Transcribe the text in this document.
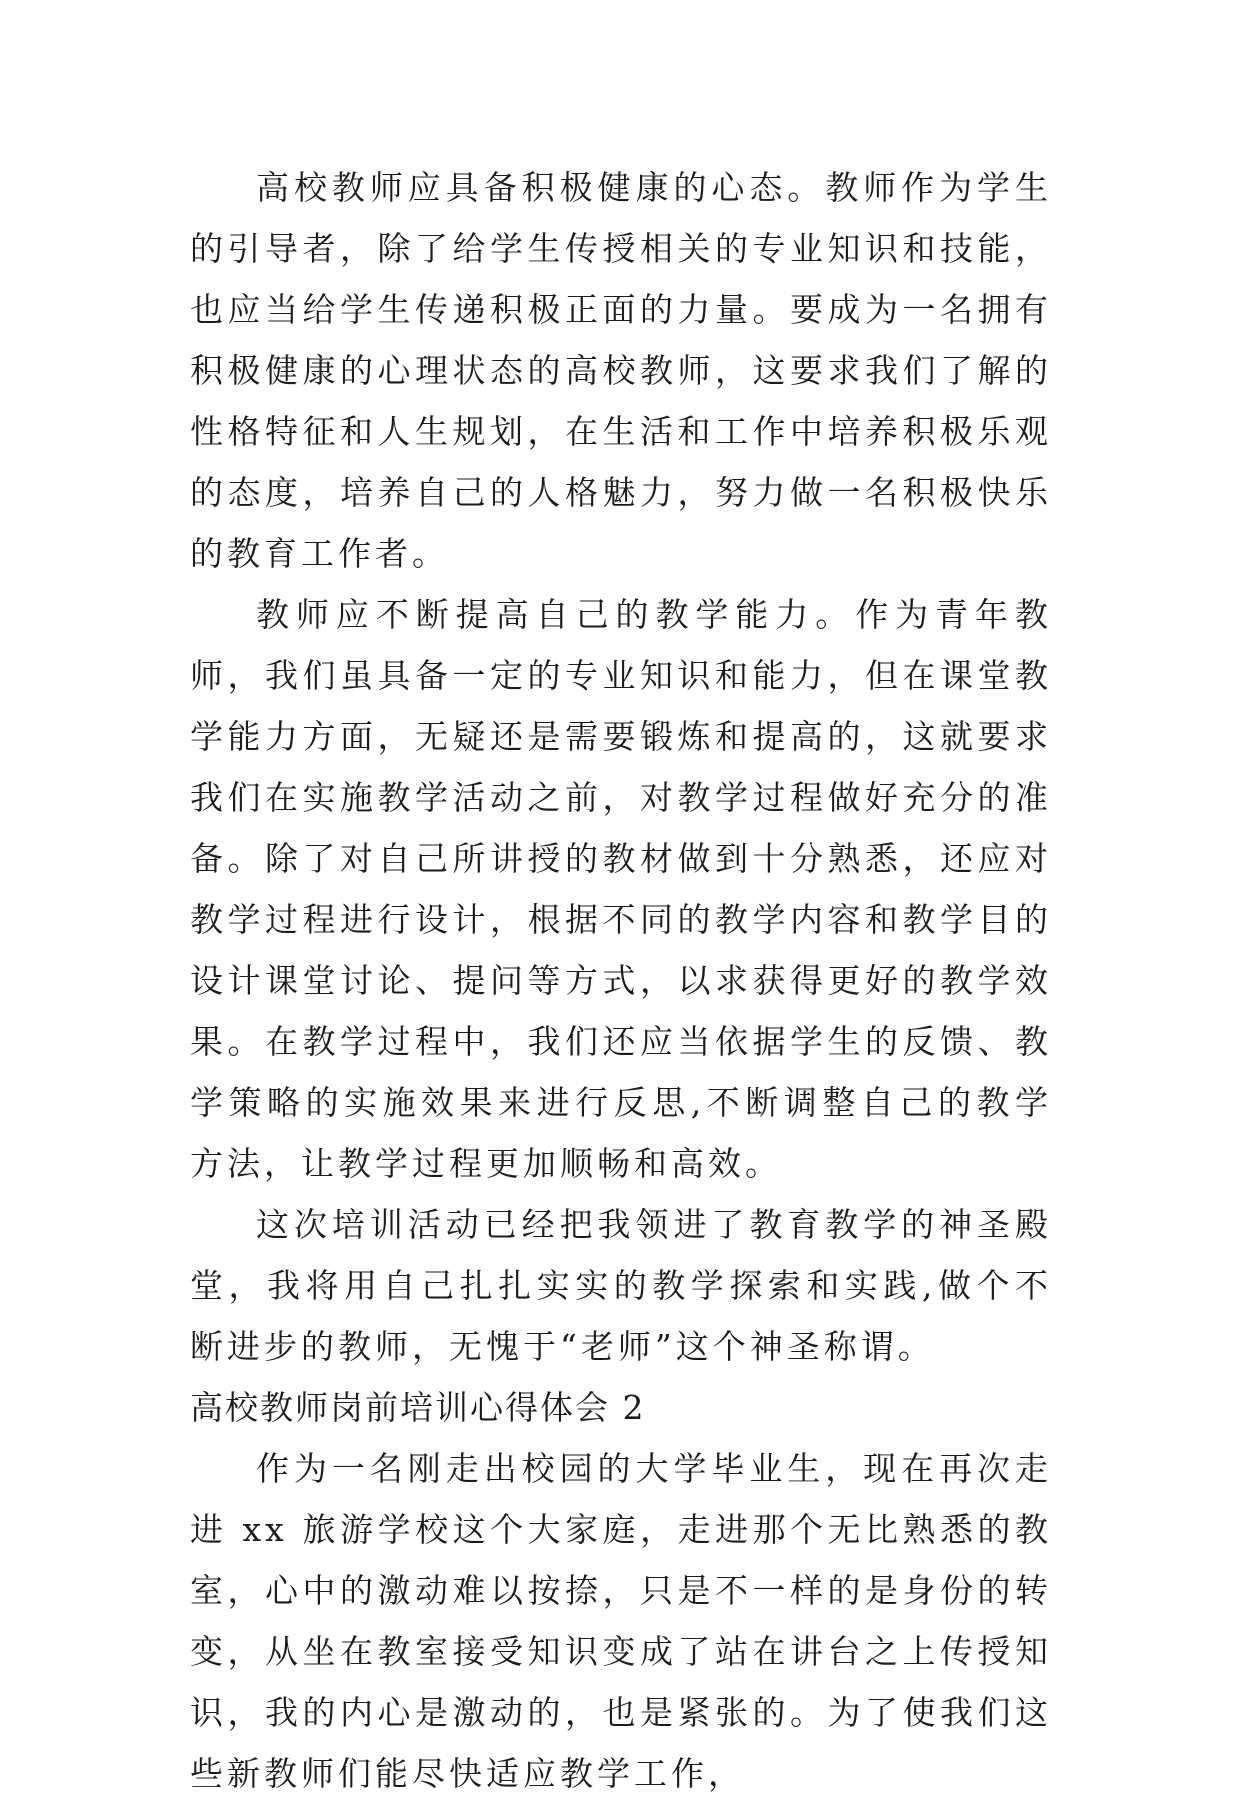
高校教师应具备积极健康的心态。教师作为学生的引导者，除了给学生传授相关的专业知识和技能，也应当给学生传递积极正面的力量。要成为一名拥有积极健康的心理状态的高校教师，这要求我们了解的性格特征和人生规划，在生活和工作中培养积极乐观的态度，培养自己的人格魅力，努力做一名积极快乐的教育工作者。

教师应不断提高自己的教学能力。作为青年教师，我们虽具备一定的专业知识和能力，但在课堂教学能力方面，无疑还是需要锻炼和提高的，这就要求我们在实施教学活动之前，对教学过程做好充分的准备。除了对自己所讲授的教材做到十分熟悉，还应对教学过程进行设计，根据不同的教学内容和教学目的设计课堂讨论、提问等方式，以求获得更好的教学效果。在教学过程中，我们还应当依据学生的反馈、教学策略的实施效果来进行反思,不断调整自己的教学方法，让教学过程更加顺畅和高效。

这次培训活动已经把我领进了教育教学的神圣殿堂，我将用自己扎扎实实的教学探索和实践,做个不断进步的教师，无愧于“老师”这个神圣称谓。

高校教师岗前培训心得体会 2

作为一名刚走出校园的大学毕业生，现在再次走进 xx 旅游学校这个大家庭，走进那个无比熟悉的教室，心中的激动难以按捺，只是不一样的是身份的转变，从坐在教室接受知识变成了站在讲台之上传授知识，我的内心是激动的，也是紧张的。为了使我们这些新教师们能尽快适应教学工作，
